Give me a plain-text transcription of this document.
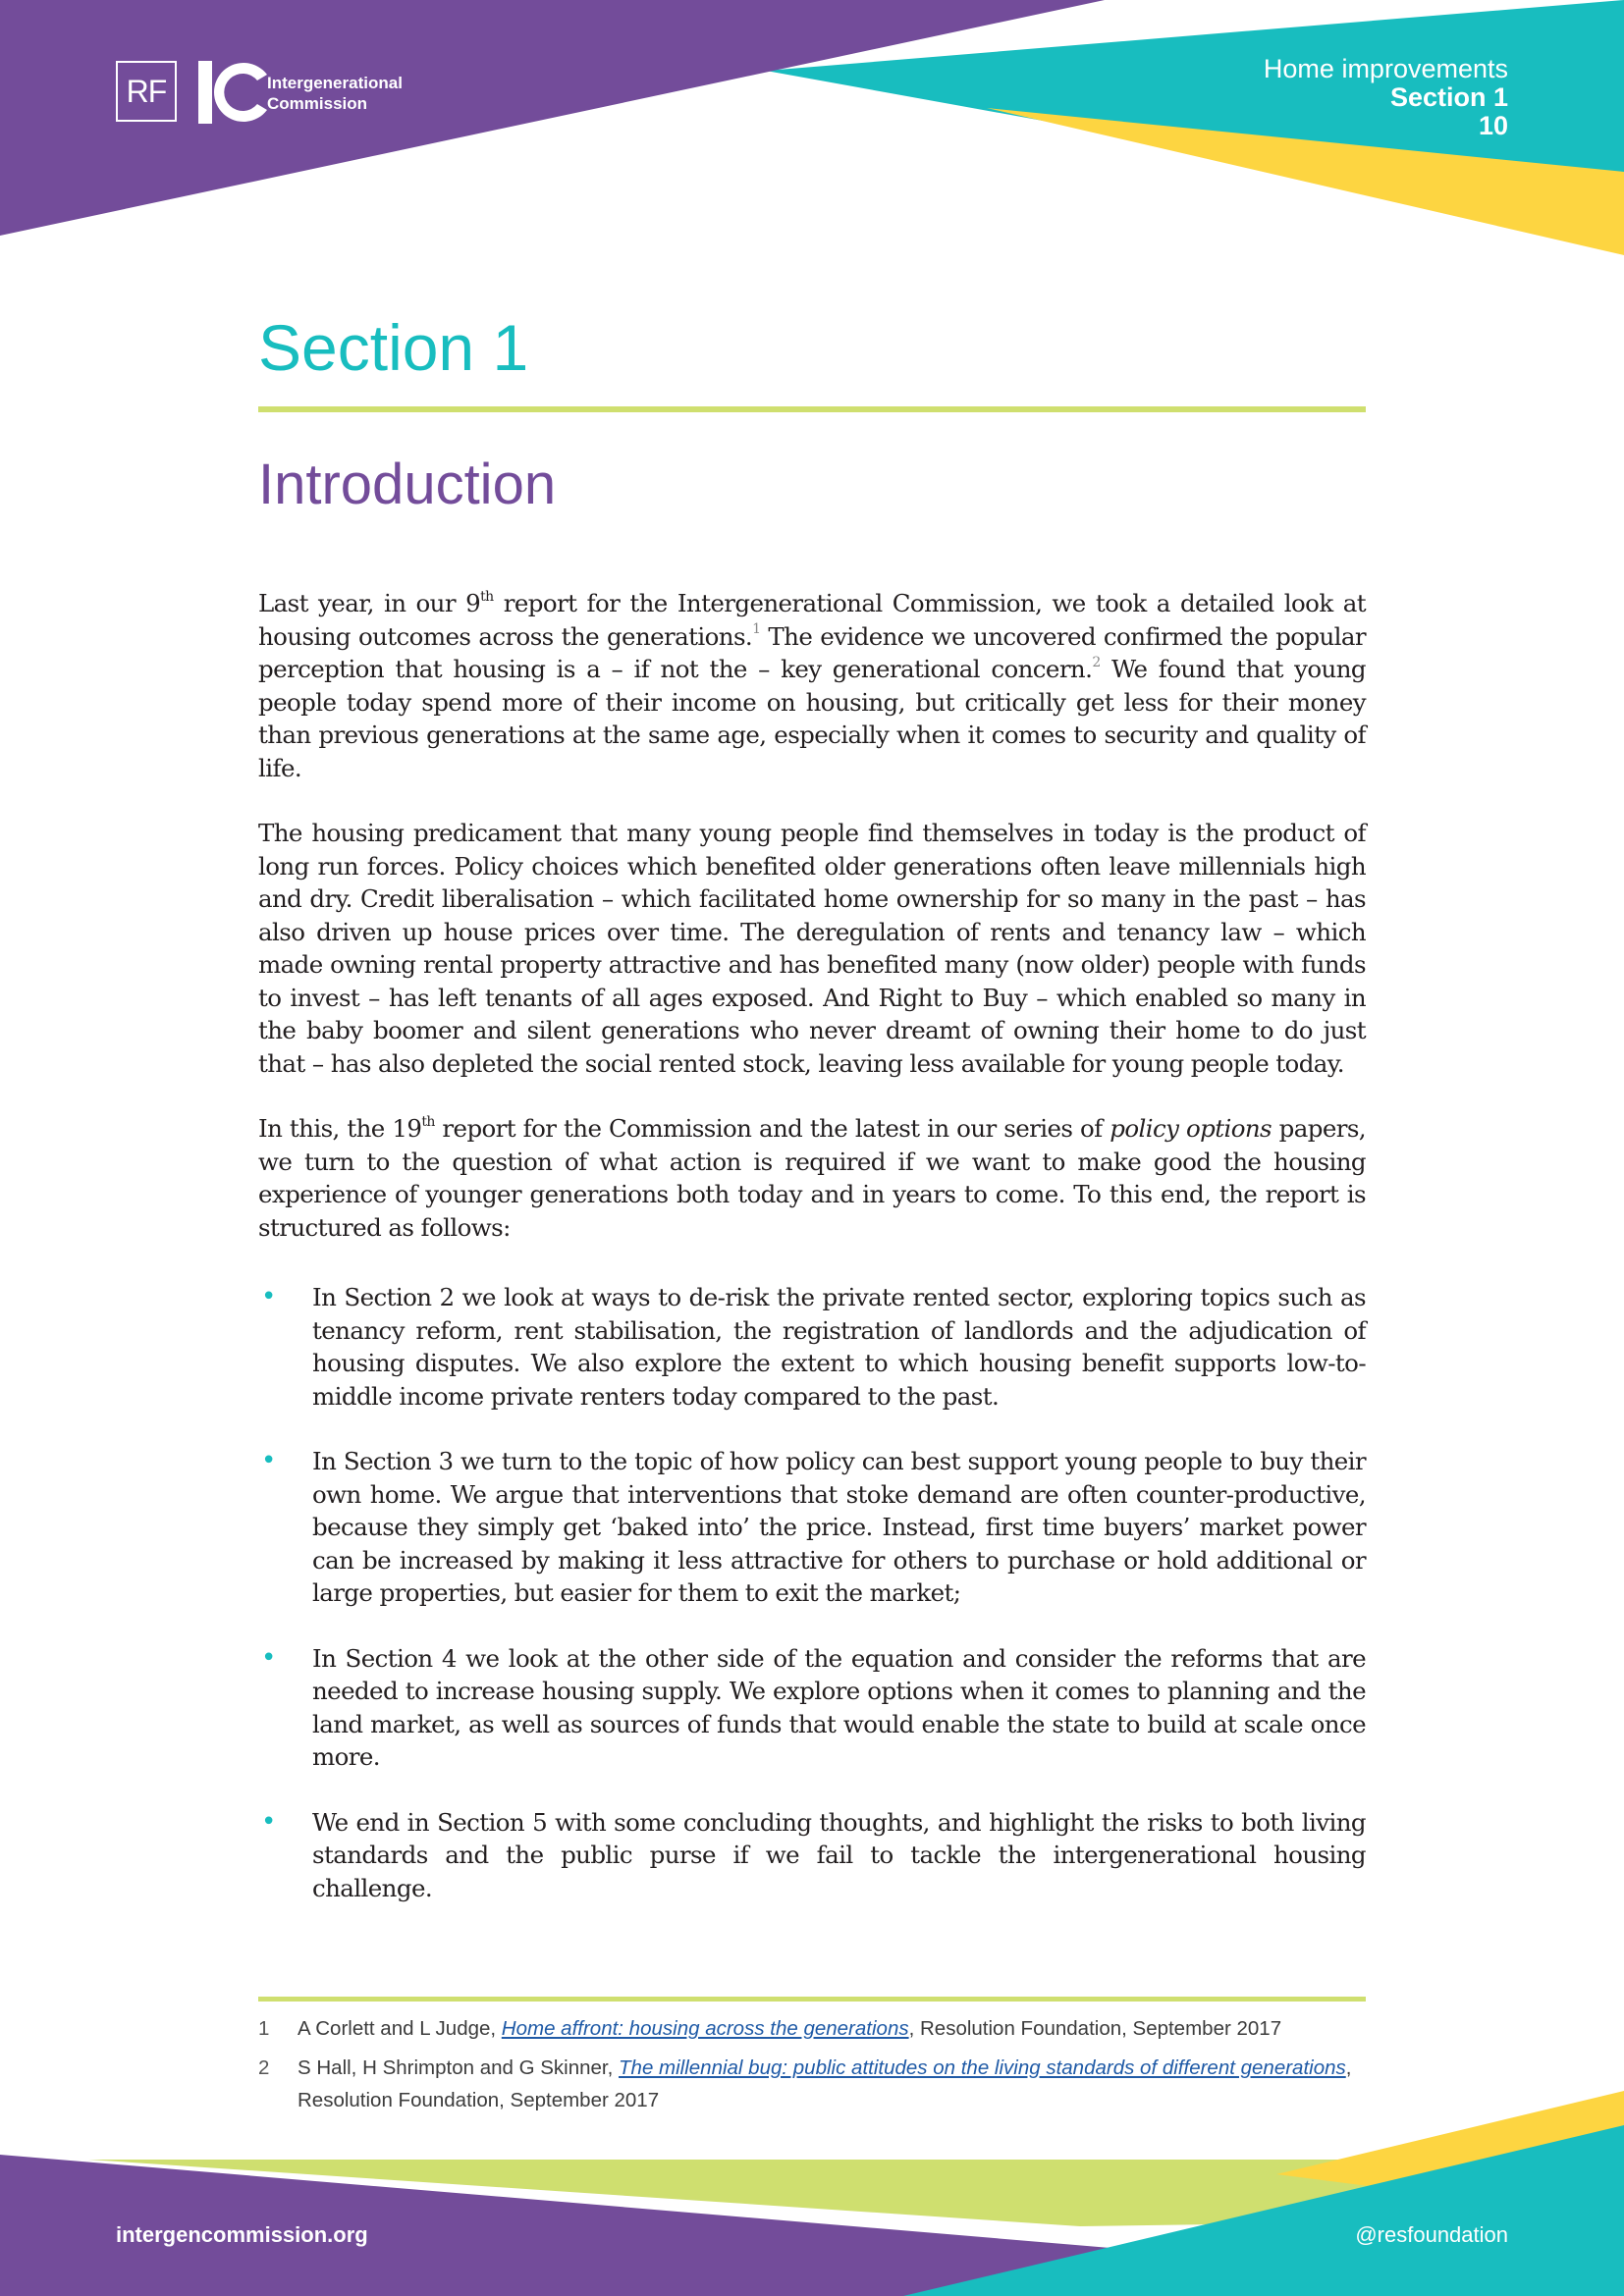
RF	Intergenerational
Commission
Home improvements
Section 1
10
Section 1
Introduction

Last year, in our 9th report for the Intergenerational Commission, we took a detailed look at housing outcomes across the generations.$^1$ The evidence we uncovered confirmed the popular perception that housing is a – if not the – key generational concern.$^2$ We found that young people today spend more of their income on housing, but critically get less for their money than previous generations at the same age, especially when it comes to security and quality of life.

The housing predicament that many young people find themselves in today is the product of long run forces. Policy choices which benefited older generations often leave millennials high and dry. Credit liberalisation – which facilitated home ownership for so many in the past – has also driven up house prices over time. The deregulation of rents and tenancy law – which made owning rental property attractive and has benefited many (now older) people with funds to invest – has left tenants of all ages exposed. And Right to Buy – which enabled so many in the baby boomer and silent generations who never dreamt of owning their home to do just that – has also depleted the social rented stock, leaving less available for young people today.

In this, the 19th report for the Commission and the latest in our series of policy options papers, we turn to the question of what action is required if we want to make good the housing experience of younger generations both today and in years to come. To this end, the report is structured as follows:

• In Section 2 we look at ways to de-risk the private rented sector, exploring topics such as tenancy reform, rent stabilisation, the registration of landlords and the adjudication of housing disputes. We also explore the extent to which housing benefit supports low-to-middle income private renters today compared to the past.
• In Section 3 we turn to the topic of how policy can best support young people to buy their own home. We argue that interventions that stoke demand are often counter-productive, because they simply get ‘baked into’ the price. Instead, first time buyers’ market power can be increased by making it less attractive for others to purchase or hold additional or large properties, but easier for them to exit the market;
• In Section 4 we look at the other side of the equation and consider the reforms that are needed to increase housing supply. We explore options when it comes to planning and the land market, as well as sources of funds that would enable the state to build at scale once more.
• We end in Section 5 with some concluding thoughts, and highlight the risks to both living standards and the public purse if we fail to tackle the intergenerational housing challenge.
1 A Corlett and L Judge, Home affront: housing across the generations, Resolution Foundation, September 2017
2 S Hall, H Shrimpton and G Skinner, The millennial bug: public attitudes on the living standards of different generations, Resolution Foundation, September 2017
intergencommission.org	@resfoundation
